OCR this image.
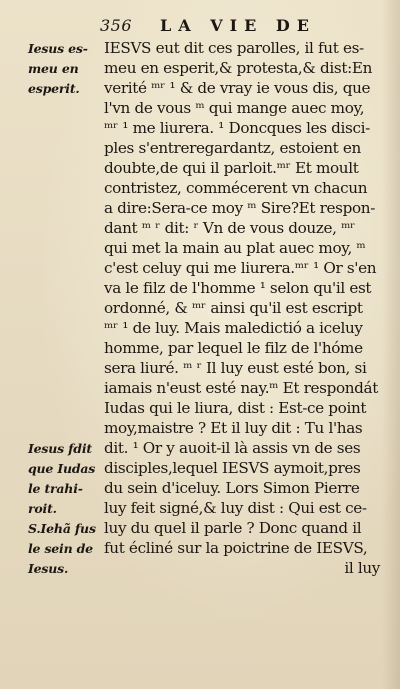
356 LA VIE DE
Iesus es-
meu en
esperit.
Iesus fdit
que Iudas
le trahi-
roit.
S.Iehã fus
le sein de
Iesus.
IESVS eut dit ces parolles, il fut es-
meu en esperit,& protesta,& dist:En
verité ᵐʳ ¹ & de vray ie vous dis, que
l'vn de vous ᵐ qui mange auec moy,
ᵐʳ ¹ me liurera. ¹ Doncques les disci-
ples s'entreregardantz, estoient en
doubte,de qui il parloit.ᵐʳ Et moult
contristez, commécerent vn chacun
a dire:Sera-ce moy ᵐ Sire?Et respon-
dant ᵐ ʳ dit: ʳ Vn de vous douze, ᵐʳ
qui met la main au plat auec moy, ᵐ
c'est celuy qui me liurera.ᵐʳ ¹ Or s'en
va le filz de l'homme ¹ selon qu'il est
ordonné, & ᵐʳ ainsi qu'il est escript
ᵐʳ ¹ de luy. Mais maledictió a iceluy
homme, par lequel le filz de l'hóme
sera liuré. ᵐ ʳ Il luy eust esté bon, si
iamais n'eust esté nay.ᵐ Et respondát
Iudas qui le liura, dist : Est-ce point
moy,maistre ? Et il luy dit : Tu l'has
dit. ¹ Or y auoit-il là assis vn de ses
disciples,lequel IESVS aymoit,pres
du sein d'iceluy. Lors Simon Pierre
luy feit signé,& luy dist : Qui est ce-
luy du quel il parle ? Donc quand il
fut écliné sur la poictrine de IESVS,
il luy
